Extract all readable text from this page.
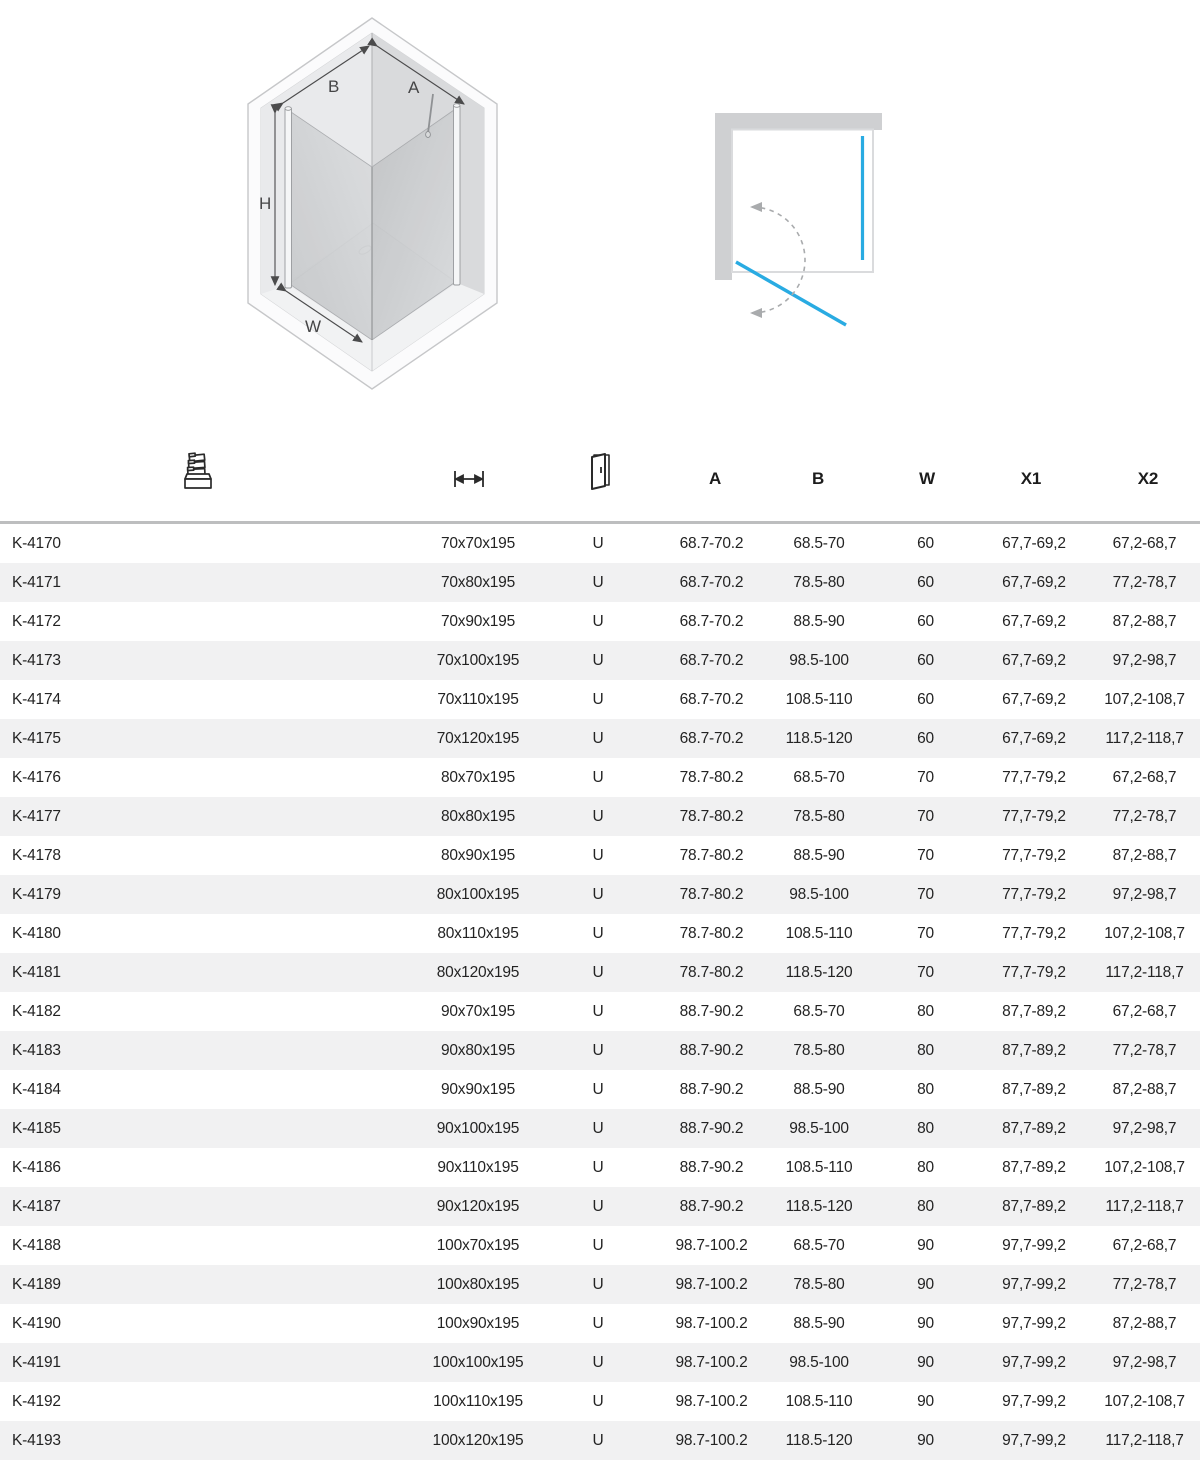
B	A
H
W
A	B	W	X1	X2
K-4170	70x70x195	U	68.7-70.2	68.5-70	60	67,7-69,2	67,2-68,7
K-4171	70x80x195	U	68.7-70.2	78.5-80	60	67,7-69,2	77,2-78,7
K-4172	70x90x195	U	68.7-70.2	88.5-90	60	67,7-69,2	87,2-88,7
K-4173	70x100x195	U	68.7-70.2	98.5-100	60	67,7-69,2	97,2-98,7
K-4174	70x110x195	U	68.7-70.2	108.5-110	60	67,7-69,2	107,2-108,7
K-4175	70x120x195	U	68.7-70.2	118.5-120	60	67,7-69,2	117,2-118,7
K-4176	80x70x195	U	78.7-80.2	68.5-70	70	77,7-79,2	67,2-68,7
K-4177	80x80x195	U	78.7-80.2	78.5-80	70	77,7-79,2	77,2-78,7
K-4178	80x90x195	U	78.7-80.2	88.5-90	70	77,7-79,2	87,2-88,7
K-4179	80x100x195	U	78.7-80.2	98.5-100	70	77,7-79,2	97,2-98,7
K-4180	80x110x195	U	78.7-80.2	108.5-110	70	77,7-79,2	107,2-108,7
K-4181	80x120x195	U	78.7-80.2	118.5-120	70	77,7-79,2	117,2-118,7
K-4182	90x70x195	U	88.7-90.2	68.5-70	80	87,7-89,2	67,2-68,7
K-4183	90x80x195	U	88.7-90.2	78.5-80	80	87,7-89,2	77,2-78,7
K-4184	90x90x195	U	88.7-90.2	88.5-90	80	87,7-89,2	87,2-88,7
K-4185	90x100x195	U	88.7-90.2	98.5-100	80	87,7-89,2	97,2-98,7
K-4186	90x110x195	U	88.7-90.2	108.5-110	80	87,7-89,2	107,2-108,7
K-4187	90x120x195	U	88.7-90.2	118.5-120	80	87,7-89,2	117,2-118,7
K-4188	100x70x195	U	98.7-100.2	68.5-70	90	97,7-99,2	67,2-68,7
K-4189	100x80x195	U	98.7-100.2	78.5-80	90	97,7-99,2	77,2-78,7
K-4190	100x90x195	U	98.7-100.2	88.5-90	90	97,7-99,2	87,2-88,7
K-4191	100x100x195	U	98.7-100.2	98.5-100	90	97,7-99,2	97,2-98,7
K-4192	100x110x195	U	98.7-100.2	108.5-110	90	97,7-99,2	107,2-108,7
K-4193	100x120x195	U	98.7-100.2	118.5-120	90	97,7-99,2	117,2-118,7
